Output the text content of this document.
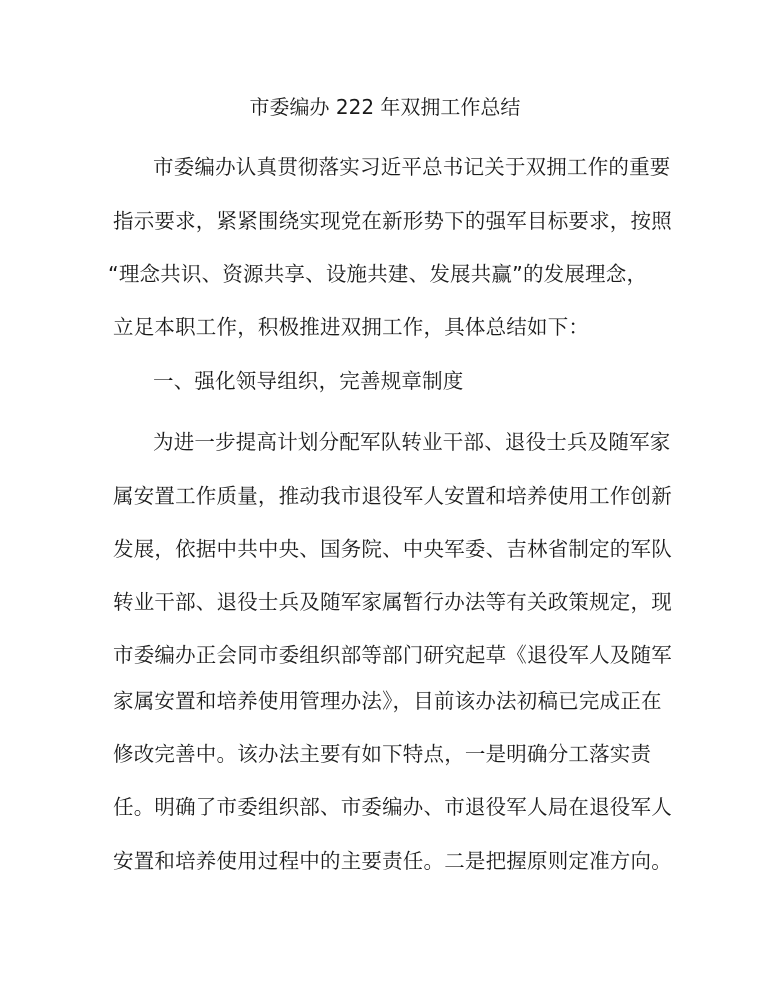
市委编办 222 年双拥工作总结

市委编办认真贯彻落实习近平总书记关于双拥工作的重要

指示要求，紧紧围绕实现党在新形势下的强军目标要求，按照

“理念共识、资源共享、设施共建、发展共赢”的发展理念，

立足本职工作，积极推进双拥工作，具体总结如下：

一、强化领导组织，完善规章制度

为进一步提高计划分配军队转业干部、退役士兵及随军家

属安置工作质量，推动我市退役军人安置和培养使用工作创新

发展，依据中共中央、国务院、中央军委、吉林省制定的军队

转业干部、退役士兵及随军家属暂行办法等有关政策规定，现

市委编办正会同市委组织部等部门研究起草《退役军人及随军

家属安置和培养使用管理办法》，目前该办法初稿已完成正在

修改完善中。该办法主要有如下特点，一是明确分工落实责

任。明确了市委组织部、市委编办、市退役军人局在退役军人

安置和培养使用过程中的主要责任。二是把握原则定准方向。
